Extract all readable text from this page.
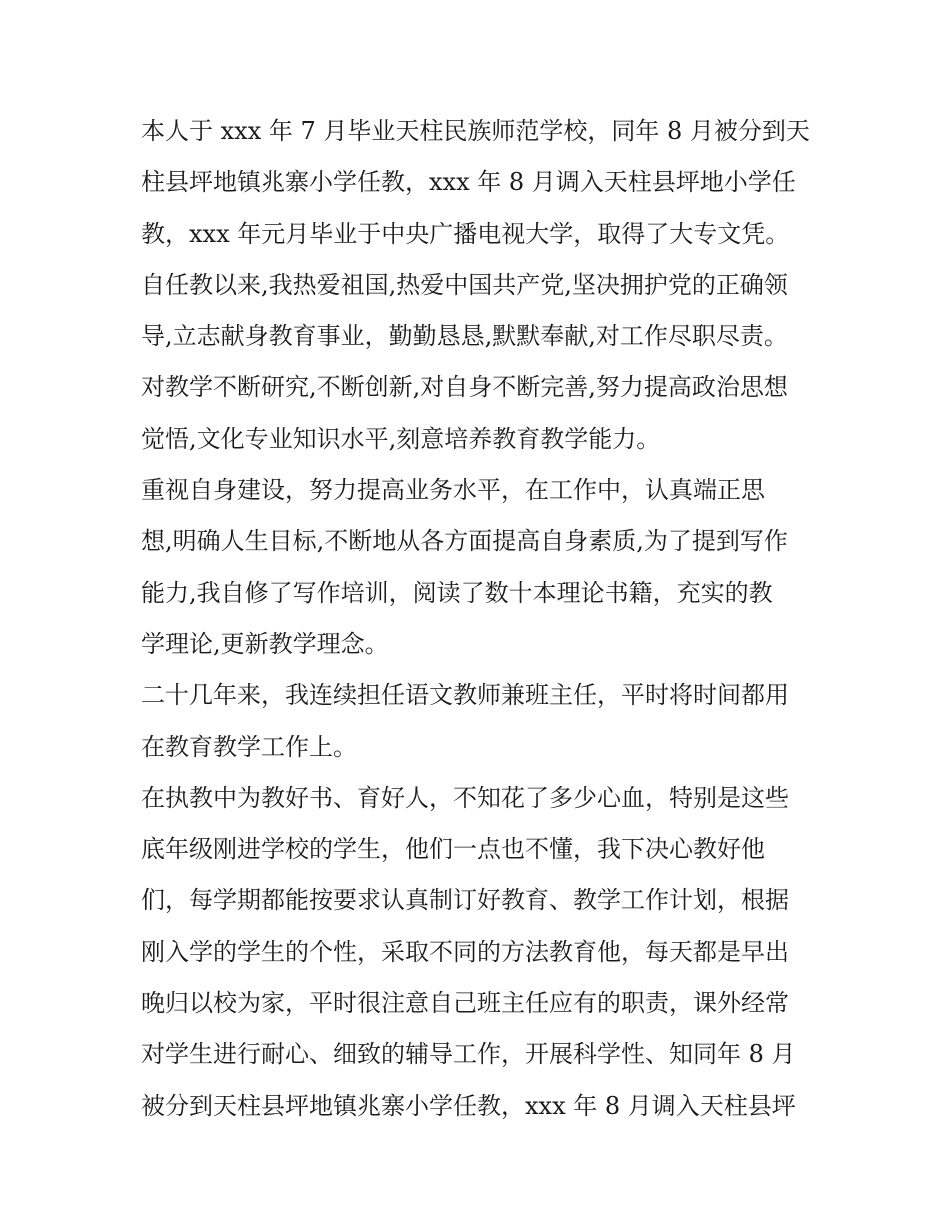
本人于 xxx 年 7 月毕业天柱民族师范学校，同年 8 月被分到天
柱县坪地镇兆寨小学任教，xxx 年 8 月调入天柱县坪地小学任
教，xxx 年元月毕业于中央广播电视大学，取得了大专文凭。
自任教以来,我热爱祖国,热爱中国共产党,坚决拥护党的正确领
导,立志献身教育事业，勤勤恳恳,默默奉献,对工作尽职尽责。
对教学不断研究,不断创新,对自身不断完善,努力提高政治思想
觉悟,文化专业知识水平,刻意培养教育教学能力。
重视自身建设，努力提高业务水平，在工作中，认真端正思
想,明确人生目标,不断地从各方面提高自身素质,为了提到写作
能力,我自修了写作培训，阅读了数十本理论书籍，充实的教
学理论,更新教学理念。
二十几年来，我连续担任语文教师兼班主任，平时将时间都用
在教育教学工作上。
在执教中为教好书、育好人，不知花了多少心血，特别是这些
底年级刚进学校的学生，他们一点也不懂，我下决心教好他
们，每学期都能按要求认真制订好教育、教学工作计划，根据
刚入学的学生的个性，采取不同的方法教育他，每天都是早出
晚归以校为家，平时很注意自己班主任应有的职责，课外经常
对学生进行耐心、细致的辅导工作，开展科学性、知同年 8 月
被分到天柱县坪地镇兆寨小学任教，xxx 年 8 月调入天柱县坪
